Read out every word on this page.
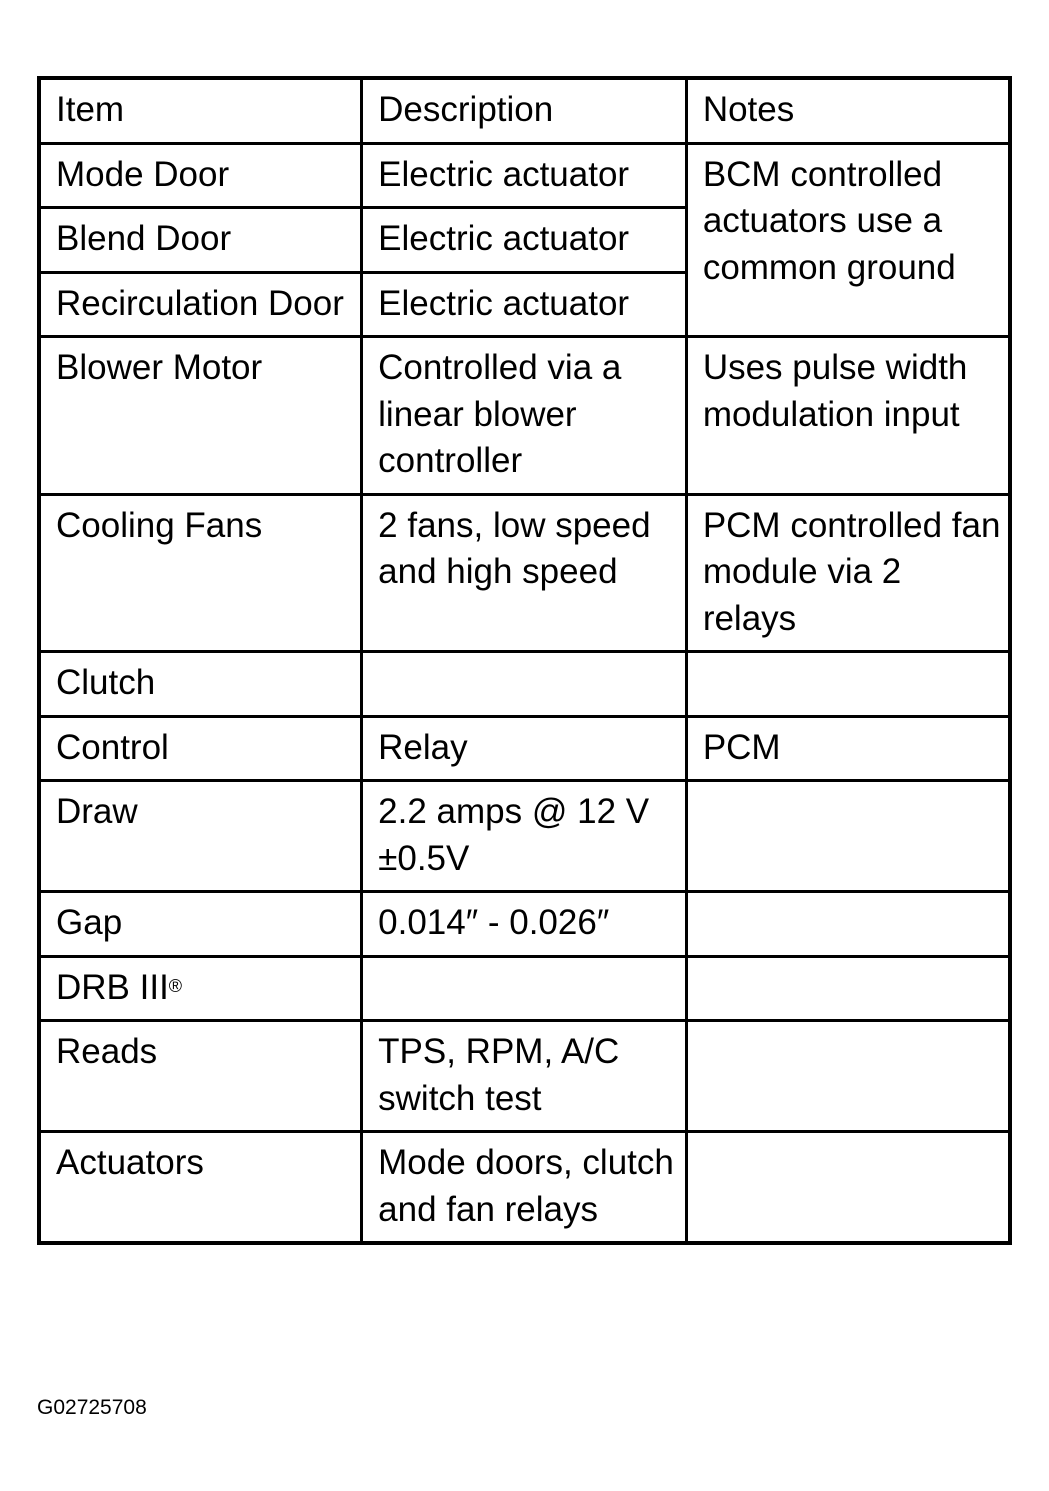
Item	Description	Notes
Mode Door	Electric actuator	BCM controlled actuators use a common ground
Blend Door	Electric actuator	
Recirculation Door	Electric actuator	
Blower Motor	Controlled via a linear blower controller	Uses pulse width modulation input
Cooling Fans	2 fans, low speed and high speed	PCM controlled fan module via 2 relays
Clutch		
Control	Relay	PCM
Draw	2.2 amps @ 12 V ±0.5V	
Gap	0.014″ - 0.026″	
DRB III®		
Reads	TPS, RPM, A/C switch test	
Actuators	Mode doors, clutch and fan relays	
G02725708
